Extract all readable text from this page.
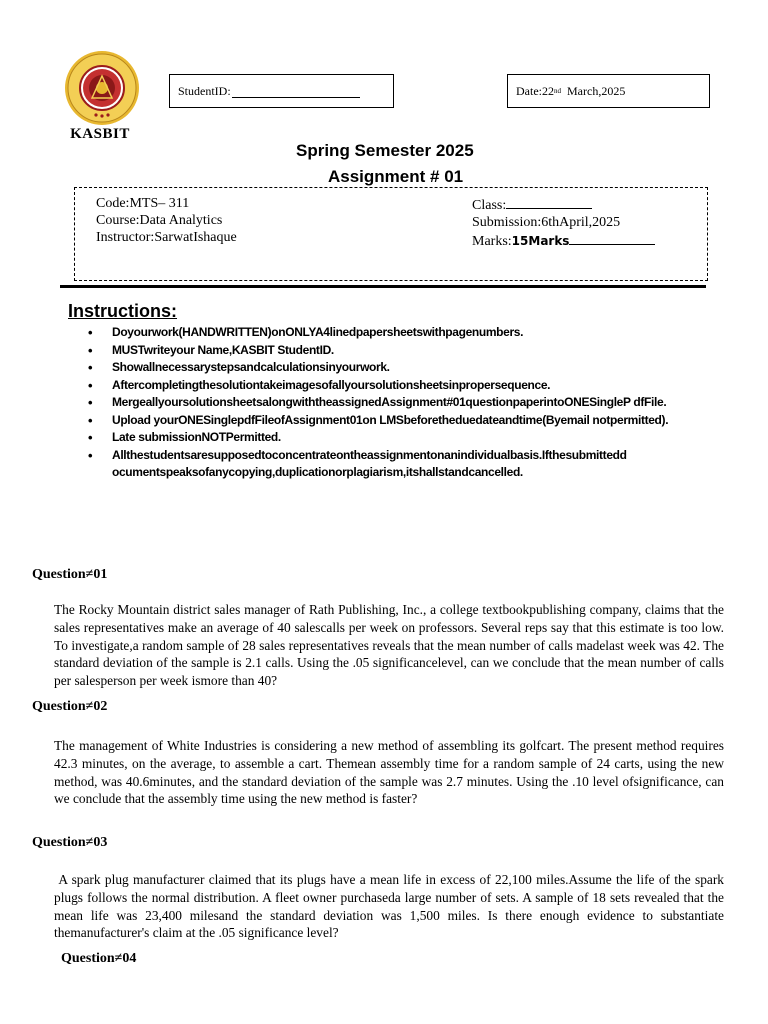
KASBIT
StudentID:	Date:22 nd
March,2025
Spring Semester 2025
Assignment # 01
Code:MTS– 311
Course:Data Analytics
Instructor:SarwatIshaque
Class:
Submission:6thApril,2025
Marks:15Marks
Instructions:
• Doyourwork(HANDWRITTEN)onONLYA4linedpapersheetswithpagenumbers.
• MUSTwriteyour Name,KASBIT StudentID.
• Showallnecessarystepsandcalculationsinyourwork.
• Aftercompletingthesolutiontakeimagesofallyoursolutionsheetsinpropersequence.
• MergeallyoursolutionsheetsalongwiththeassignedAssignment#01questionpaperintoONESingleP dfFile.
• Upload yourONESinglepdfFileofAssignment01on LMSbeforetheduedateandtime(Byemail notpermitted).
• Late submissionNOTPermitted.
• Allthestudentsaresupposedtoconcentrateontheassignmentonanindividualbasis.Ifthesubmittedd ocumentspeaksofanycopying,duplicationorplagiarism,itshallstandcancelled.
Question≠01
The Rocky Mountain district sales manager of Rath Publishing, Inc., a college textbookpublishing company, claims that the sales representatives make an average of 40 salescalls per week on professors. Several reps say that this estimate is too low. To investigate,a random sample of 28 sales representatives reveals that the mean number of calls madelast week was 42. The standard deviation of the sample is 2.1 calls. Using the .05 significancelevel, can we conclude that the mean number of calls per salesperson per week ismore than 40?
Question≠02
The management of White Industries is considering a new method of assembling its golfcart. The present method requires 42.3 minutes, on the average, to assemble a cart. Themean assembly time for a random sample of 24 carts, using the new method, was 40.6minutes, and the standard deviation of the sample was 2.7 minutes. Using the .10 level ofsignificance, can we conclude that the assembly time using the new method is faster?
Question≠03
A spark plug manufacturer claimed that its plugs have a mean life in excess of 22,100 miles.Assume the life of the spark plugs follows the normal distribution. A fleet owner purchaseda large number of sets. A sample of 18 sets revealed that the mean life was 23,400 milesand the standard deviation was 1,500 miles. Is there enough evidence to substantiate themanufacturer's claim at the .05 significance level?
Question≠04
